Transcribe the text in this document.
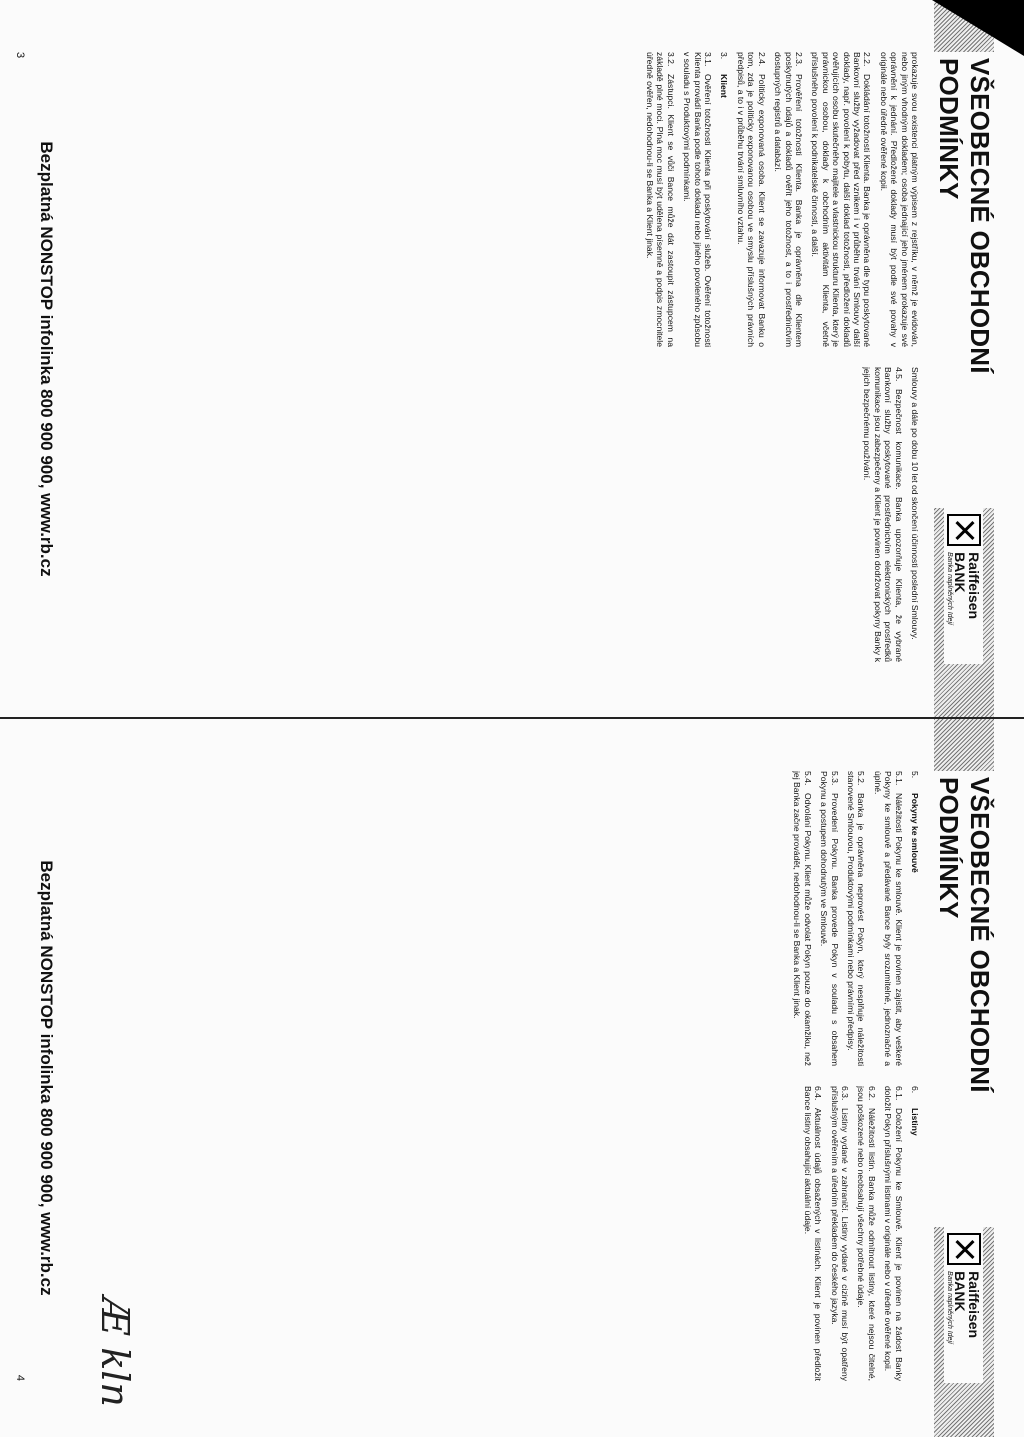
VŠEOBECNÉ OBCHODNÍ PODMÍNKY
Raiffeisen BANK
Banka naplněných Idejí
prokazuje svou existenci platným výpisem z rejstříku, v němž je evidován, nebo jiným vhodným dokladem; osoba jednající jeho jménem prokazuje své oprávnění k jednání. Předložené doklady musí být podle své povahy v originále nebo úředně ověřené kopii.
2.2.Dokládání totožnosti Klienta. Banka je oprávněna dle typu poskytované Bankovní služby vyžadovat před vznikem i v průběhu trvání Smlouvy další doklady, např. povolení k pobytu, další doklad totožnosti, předložení dokladů ověřujících osobu skutečného majitele a vlastnickou strukturu Klienta, který je právnickou osobou, doklady k obchodním aktivitám Klienta, včetně příslušného povolení k podnikatelské činnosti, a další.
2.3.Prověření totožnosti Klienta. Banka je oprávněna dle Klientem poskytnutých údajů a dokladů ověřit jeho totožnost, a to i prostřednictvím dostupných registrů a databází.
2.4.Politicky exponovaná osoba. Klient se zavazuje informovat Banku o tom, zda je politicky exponovanou osobou ve smyslu příslušných právních předpisů, a to i v průběhu trvání smluvního vztahu.
3.Klient
3.1.Ověření totožnosti Klienta při poskytování služeb. Ověření totožnosti Klienta provádí Banka podle tohoto dokladu nebo jiného povoleného způsobu v souladu s Produktovými podmínkami.
3.2.Zástupci. Klient se vůči Bance může dát zastoupit zástupcem na základě plné moci. Plná moc musí být udělena písemně a podpis zmocnitele úředně ověřen, nedohodnou-li se Banka a Klient jinak.
Smlouvy a dále po dobu 10 let od skončení účinnosti poslední Smlouvy.
4.5.Bezpečnost komunikace. Banka upozorňuje Klienta, že vybrané Bankovní služby poskytované prostřednictvím elektronických prostředků komunikace jsou zabezpečeny a Klient je povinen dodržovat pokyny Banky k jejich bezpečnému používání.
Bezplatná NONSTOP infolinka 800 900 900, www.rb.cz
3
VŠEOBECNÉ OBCHODNÍ PODMÍNKY
Raiffeisen BANK
Banka naplněných Idejí
5.Pokyny ke smlouvě
5.1.Náležitosti Pokynu ke smlouvě. Klient je povinen zajistit, aby veškeré Pokyny ke smlouvě a předávané Bance byly srozumitelné, jednoznačné a úplné.
5.2.Banka je oprávněna neprovést Pokyn, který nesplňuje náležitosti stanovené Smlouvou, Produktovými podmínkami nebo právními předpisy.
5.3.Provedení Pokynu. Banka provede Pokyn v souladu s obsahem Pokynu a postupem dohodnutým ve Smlouvě.
5.4.Odvolání Pokynu. Klient může odvolat Pokyn pouze do okamžiku, než jej Banka začne provádět, nedohodnou-li se Banka a Klient jinak.
6.Listiny
6.1.Doložení Pokynu ke Smlouvě. Klient je povinen na žádost Banky doložit Pokyn příslušnými listinami v originále nebo v úředně ověřené kopii.
6.2.Náležitosti listin. Banka může odmítnout listiny, které nejsou čitelné, jsou poškozené nebo neobsahují všechny potřebné údaje.
6.3.Listiny vydané v zahraničí. Listiny vydané v cizině musí být opatřeny příslušným ověřením a úředním překladem do českého jazyka.
6.4.Aktuálnost údajů obsažených v listinách. Klient je povinen předložit Bance listiny obsahující aktuální údaje.
Bezplatná NONSTOP infolinka 800 900 900, www.rb.cz
4 Æ kln
